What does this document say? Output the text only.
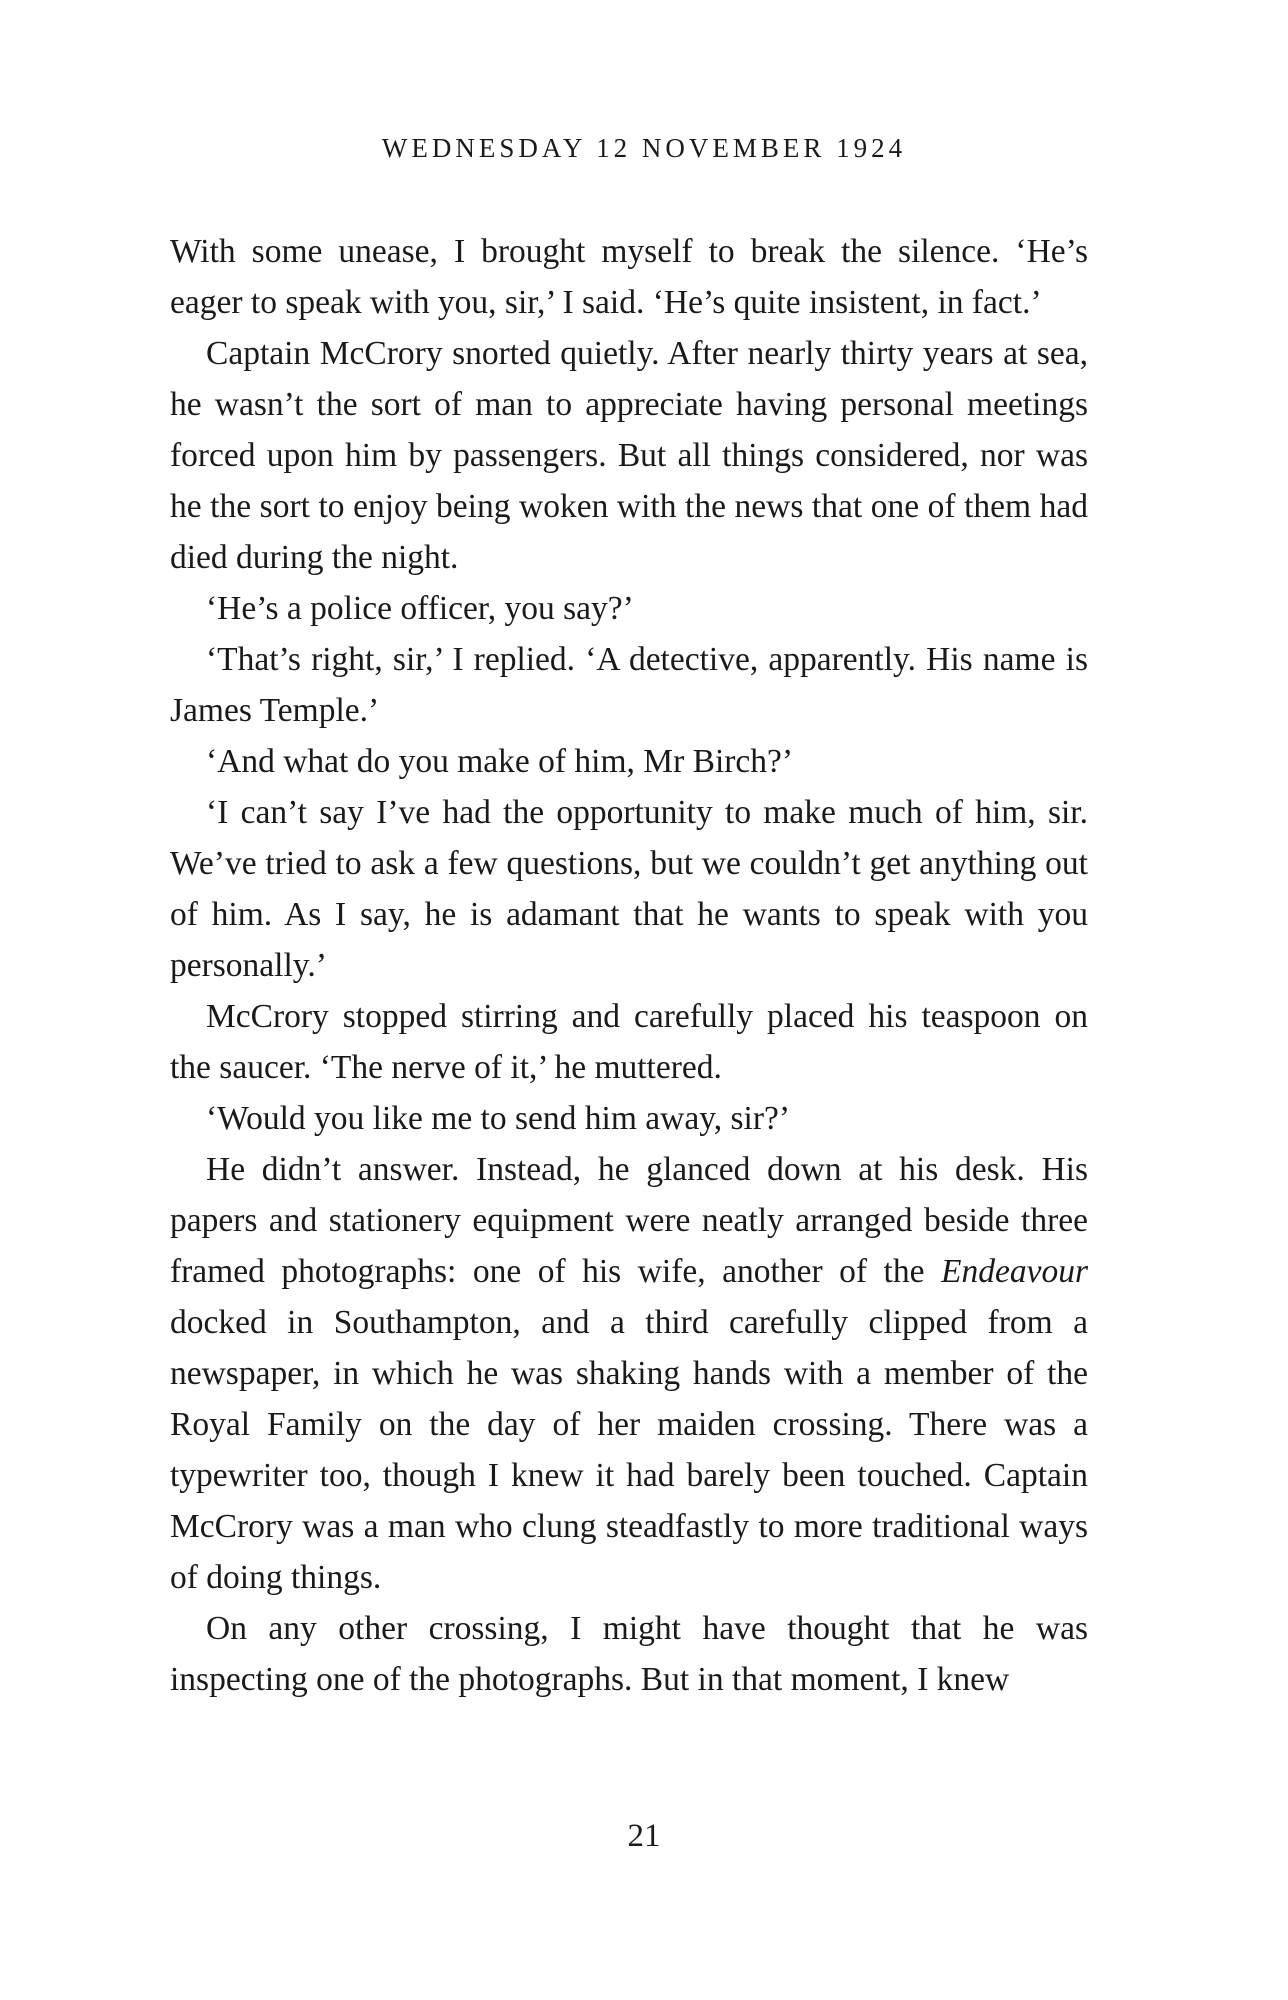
WEDNESDAY 12 NOVEMBER 1924

With some unease, I brought myself to break the silence. ‘He’s eager to speak with you, sir,’ I said. ‘He’s quite insistent, in fact.’

Captain McCrory snorted quietly. After nearly thirty years at sea, he wasn’t the sort of man to appreciate having personal meetings forced upon him by passengers. But all things considered, nor was he the sort to enjoy being woken with the news that one of them had died during the night.

‘He’s a police officer, you say?’

‘That’s right, sir,’ I replied. ‘A detective, apparently. His name is James Temple.’

‘And what do you make of him, Mr Birch?’

‘I can’t say I’ve had the opportunity to make much of him, sir. We’ve tried to ask a few questions, but we couldn’t get anything out of him. As I say, he is adamant that he wants to speak with you personally.’

McCrory stopped stirring and carefully placed his teaspoon on the saucer. ‘The nerve of it,’ he muttered.

‘Would you like me to send him away, sir?’

He didn’t answer. Instead, he glanced down at his desk. His papers and stationery equipment were neatly arranged beside three framed photographs: one of his wife, another of the Endeavour docked in Southampton, and a third carefully clipped from a newspaper, in which he was shaking hands with a member of the Royal Family on the day of her maiden crossing. There was a typewriter too, though I knew it had barely been touched. Captain McCrory was a man who clung steadfastly to more traditional ways of doing things.

On any other crossing, I might have thought that he was inspecting one of the photographs. But in that moment, I knew

21
